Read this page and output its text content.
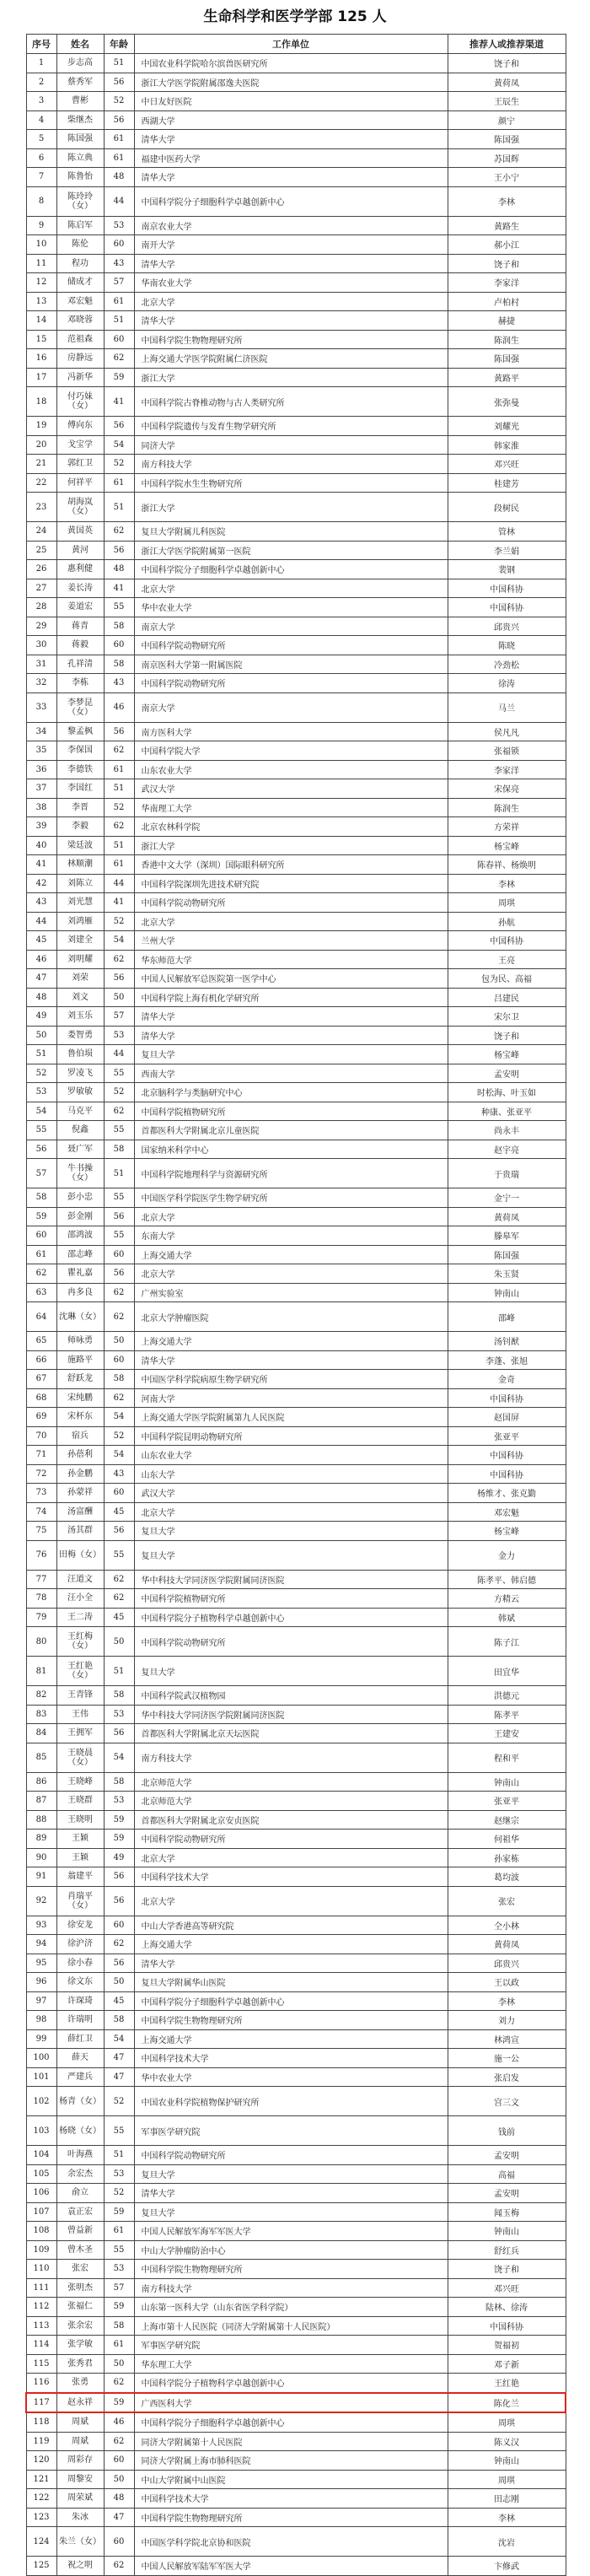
生命科学和医学学部 125 人
序号	姓名	年龄	工作单位	推荐人或推荐渠道
1	步志高	51	中国农业科学院哈尔滨兽医研究所	饶子和
2	蔡秀军	56	浙江大学医学院附属邵逸夫医院	黄荷凤
3	曹彬	52	中日友好医院	王辰生
4	柴继杰	56	西湖大学	颜宁
5	陈国强	61	清华大学	陈国强
6	陈立典	61	福建中医药大学	苏国辉
7	陈鲁怡	48	清华大学	王小宁
8	陈玲玲（女）	44	中国科学院分子细胞科学卓越创新中心	李林
9	陈启军	53	南京农业大学	黄路生
10	陈伦	60	南开大学	郝小江
11	程功	43	清华大学	饶子和
12	储成才	57	华南农业大学	李家洋
13	邓宏魁	61	北京大学	卢柏村
14	邓晓蓉	51	清华大学	赫捷
15	范祖森	60	中国科学院生物物理研究所	陈润生
16	房静远	62	上海交通大学医学院附属仁济医院	陈国强
17	冯新华	59	浙江大学	黄路平
18	付巧妹（女）	41	中国科学院古脊椎动物与古人类研究所	张弥曼
19	傅向东	56	中国科学院遗传与发育生物学研究所	刘耀光
20	戈宝学	54	同济大学	韩家淮
21	郭红卫	52	南方科技大学	邓兴旺
22	何祥平	61	中国科学院水生生物研究所	桂建芳
23	胡海岚（女）	51	浙江大学	段树民
24	黄国英	62	复旦大学附属儿科医院	管林
25	黄河	56	浙江大学医学院附属第一医院	李兰娟
26	惠利健	48	中国科学院分子细胞科学卓越创新中心	裴钢
27	姜长涛	41	北京大学	中国科协
28	姜道宏	55	华中农业大学	中国科协
29	蒋青	58	南京大学	邱贵兴
30	蒋毅	60	中国科学院动物研究所	陈晓
31	孔祥清	58	南京医科大学第一附属医院	冷劲松
32	李栋	43	中国科学院动物研究所	徐涛
33	李梦昆（女）	46	南京大学	马兰
34	黎孟枫	56	南方医科大学	侯凡凡
35	李保国	62	中国科学院大学	张福锁
36	李德铁	61	山东农业大学	李家洋
37	李国红	51	武汉大学	宋保亮
38	李晋	52	华南理工大学	陈润生
39	李毅	62	北京农林科学院	方荣祥
40	梁廷波	51	浙江大学	杨宝峰
41	林顺潮	61	香港中文大学（深圳）国际眼科研究所	陈春祥、杨焕明
42	刘陈立	44	中国科学院深圳先进技术研究院	李林
43	刘光慧	41	中国科学院动物研究所	周琪
44	刘鸿雁	52	北京大学	孙航
45	刘建全	54	兰州大学	中国科协
46	刘明耀	62	华东师范大学	王亮
47	刘荣	56	中国人民解放军总医院第一医学中心	包为民、高福
48	刘文	50	中国科学院上海有机化学研究所	吕建民
49	刘玉乐	57	清华大学	宋尔卫
50	娄智勇	53	清华大学	饶子和
51	鲁伯埙	44	复旦大学	杨宝峰
52	罗凌飞	55	西南大学	孟安明
53	罗敏敏	52	北京脑科学与类脑研究中心	时松海、叶玉如
54	马克平	62	中国科学院植物研究所	种康、张亚平
55	倪鑫	55	首都医科大学附属北京儿童医院	尚永丰
56	聂广军	58	国家纳米科学中心	赵宇亮
57	牛书操（女）	51	中国科学院地理科学与资源研究所	于贵瑞
58	彭小忠	55	中国医学科学院医学生物学研究所	金宁一
59	彭金刚	56	北京大学	黄荷凤
60	邵鸿波	55	东南大学	滕皋军
61	邵志峰	60	上海交通大学	陈国强
62	瞿礼嘉	56	北京大学	朱玉贤
63	冉多良	62	广州实验室	钟南山
64	沈琳（女）	62	北京大学肿瘤医院	邵峰
65	师咏勇	50	上海交通大学	汤钊猷
66	施路平	60	清华大学	李蓬、张旭
67	舒跃龙	58	中国医学科学院病原生物学研究所	金奇
68	宋纯鹏	62	河南大学	中国科协
69	宋杯东	54	上海交通大学医学院附属第九人民医院	赵国屏
70	宿兵	52	中国科学院昆明动物研究所	张亚平
71	孙蓓利	54	山东农业大学	中国科协
72	孙金鹏	43	山东大学	中国科协
73	孙蒙祥	60	武汉大学	杨维才、张克勤
74	汤富酬	45	北京大学	邓宏魁
75	汤其群	56	复旦大学	杨宝峰
76	田梅（女）	55	复旦大学	金力
77	汪道文	62	华中科技大学同济医学院附属同济医院	陈孝平、韩启德
78	汪小全	62	中国科学院植物研究所	方精云
79	王二涛	45	中国科学院分子植物科学卓越创新中心	韩斌
80	王红梅（女）	50	中国科学院动物研究所	陈子江
81	王红艳（女）	51	复旦大学	田宜华
82	王青锋	58	中国科学院武汉植物园	洪德元
83	王伟	53	华中科技大学同济医学院附属同济医院	陈孝平
84	王拥军	56	首都医科大学附属北京天坛医院	王建安
85	王晓晨（女）	54	南方科技大学	程和平
86	王晓峰	58	北京师范大学	钟南山
87	王晓群	53	北京师范大学	张亚平
88	王晓明	59	首都医科大学附属北京安贞医院	赵继宗
89	王颖	59	中国科学院动物研究所	何祖华
90	王颖	49	北京大学	孙家栋
91	翁建平	56	中国科学技术大学	葛均波
92	肖瑞平（女）	56	北京大学	张宏
93	徐安龙	60	中山大学香港高等研究院	仝小林
94	徐沪济	62	上海交通大学	黄荷凤
95	徐小春	56	清华大学	邱贵兴
96	徐文东	50	复旦大学附属华山医院	王以政
97	许琛琦	45	中国科学院分子细胞科学卓越创新中心	李林
98	许瑞明	58	中国科学院生物物理研究所	刘力
99	薛红卫	54	上海交通大学	林鸿宣
100	薛天	47	中国科学技术大学	施一公
101	严建兵	47	华中农业大学	张启发
102	杨青（女）	52	中国农业科学院植物保护研究所	宫三文
103	杨晓（女）	55	军事医学研究院	钱前
104	叶海燕	51	中国科学院动物研究所	孟安明
105	余宏杰	53	复旦大学	高福
106	俞立	52	清华大学	孟安明
107	袁正宏	59	复旦大学	闻玉梅
108	曾益新	61	中国人民解放军海军军医大学	钟南山
109	曾木圣	55	中山大学肿瘤防治中心	舒红兵
110	张宏	53	中国科学院生物物理研究所	饶子和
111	张明杰	57	南方科技大学	邓兴旺
112	张福仁	59	山东第一医科大学（山东省医学科学院）	陆林、徐涛
113	张余宏	58	上海市第十人民医院（同济大学附属第十人民医院）	中国科协
114	张学敏	61	军事医学研究院	贺福初
115	张秀君	50	华东理工大学	邓子新
116	张勇	62	中国科学院分子植物科学卓越创新中心	王红艳
117	赵永祥	59	广西医科大学	陈化兰
118	周斌	46	中国科学院分子细胞科学卓越创新中心	周琪
119	周斌	62	同济大学附属第十人民医院	陈义汉
120	周彩存	60	同济大学附属上海市肺科医院	钟南山
121	周黎安	50	中山大学附属中山医院	周琪
122	周荣斌	48	中国科学技术大学	田志刚
123	朱冰	47	中国科学院生物物理研究所	李林
124	朱兰（女）	60	中国医学科学院北京协和医院	沈岩
125	祝之明	62	中国人民解放军陆军军医大学	卞修武
